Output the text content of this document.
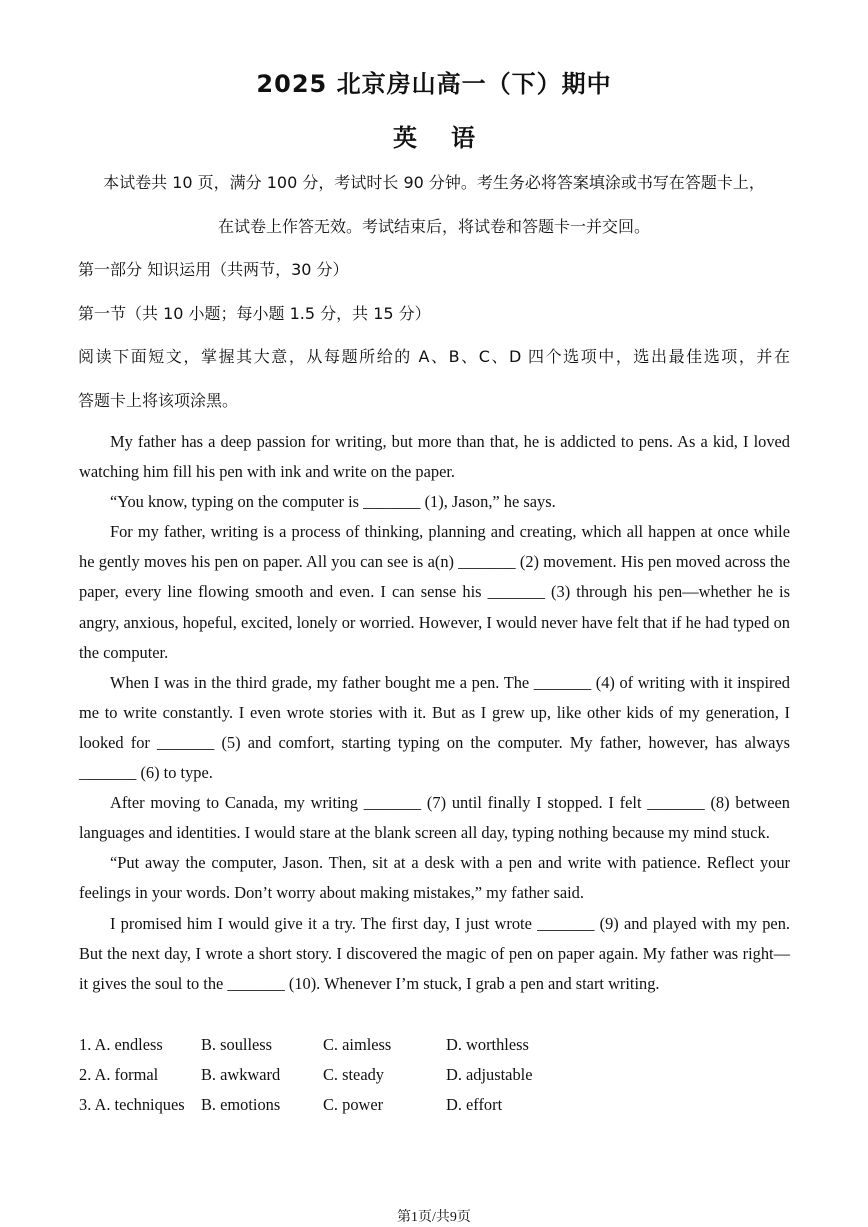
2025 北京房山高一（下）期中
英语
本试卷共 10 页，满分 100 分，考试时长 90 分钟。考生务必将答案填涂或书写在答题卡上，
在试卷上作答无效。考试结束后，将试卷和答题卡一并交回。
第一部分 知识运用（共两节，30 分）
第一节（共 10 小题；每小题 1.5 分，共 15 分）
阅读下面短文，掌握其大意，从每题所给的 A、B、C、D 四个选项中，选出最佳选项，并在
答题卡上将该项涂黑。

My father has a deep passion for writing, but more than that, he is addicted to pens. As a kid, I loved watching him fill his pen with ink and write on the paper.

“You know, typing on the computer is _______ (1), Jason,” he says.

For my father, writing is a process of thinking, planning and creating, which all happen at once while he gently moves his pen on paper. All you can see is a(n) _______ (2) movement. His pen moved across the paper, every line flowing smooth and even. I can sense his _______ (3) through his pen—whether he is angry, anxious, hopeful, excited, lonely or worried. However, I would never have felt that if he had typed on the computer.

When I was in the third grade, my father bought me a pen. The _______ (4) of writing with it inspired me to write constantly. I even wrote stories with it. But as I grew up, like other kids of my generation, I looked for _______ (5) and comfort, starting typing on the computer. My father, however, has always _______ (6) to type.

After moving to Canada, my writing _______ (7) until finally I stopped. I felt _______ (8) between languages and identities. I would stare at the blank screen all day, typing nothing because my mind stuck.

“Put away the computer, Jason. Then, sit at a desk with a pen and write with patience. Reflect your feelings in your words. Don’t worry about making mistakes,” my father said.

I promised him I would give it a try. The first day, I just wrote _______ (9) and played with my pen. But the next day, I wrote a short story. I discovered the magic of pen on paper again. My father was right—it gives the soul to the _______ (10). Whenever I’m stuck, I grab a pen and start writing.

1. A. endless B. soulless	C. aimless	D. worthless
2. A. formal	B. awkward	C. steady	D. adjustable
3. A. techniques B. emotions	C. power	D. effort
第1页/共9页
